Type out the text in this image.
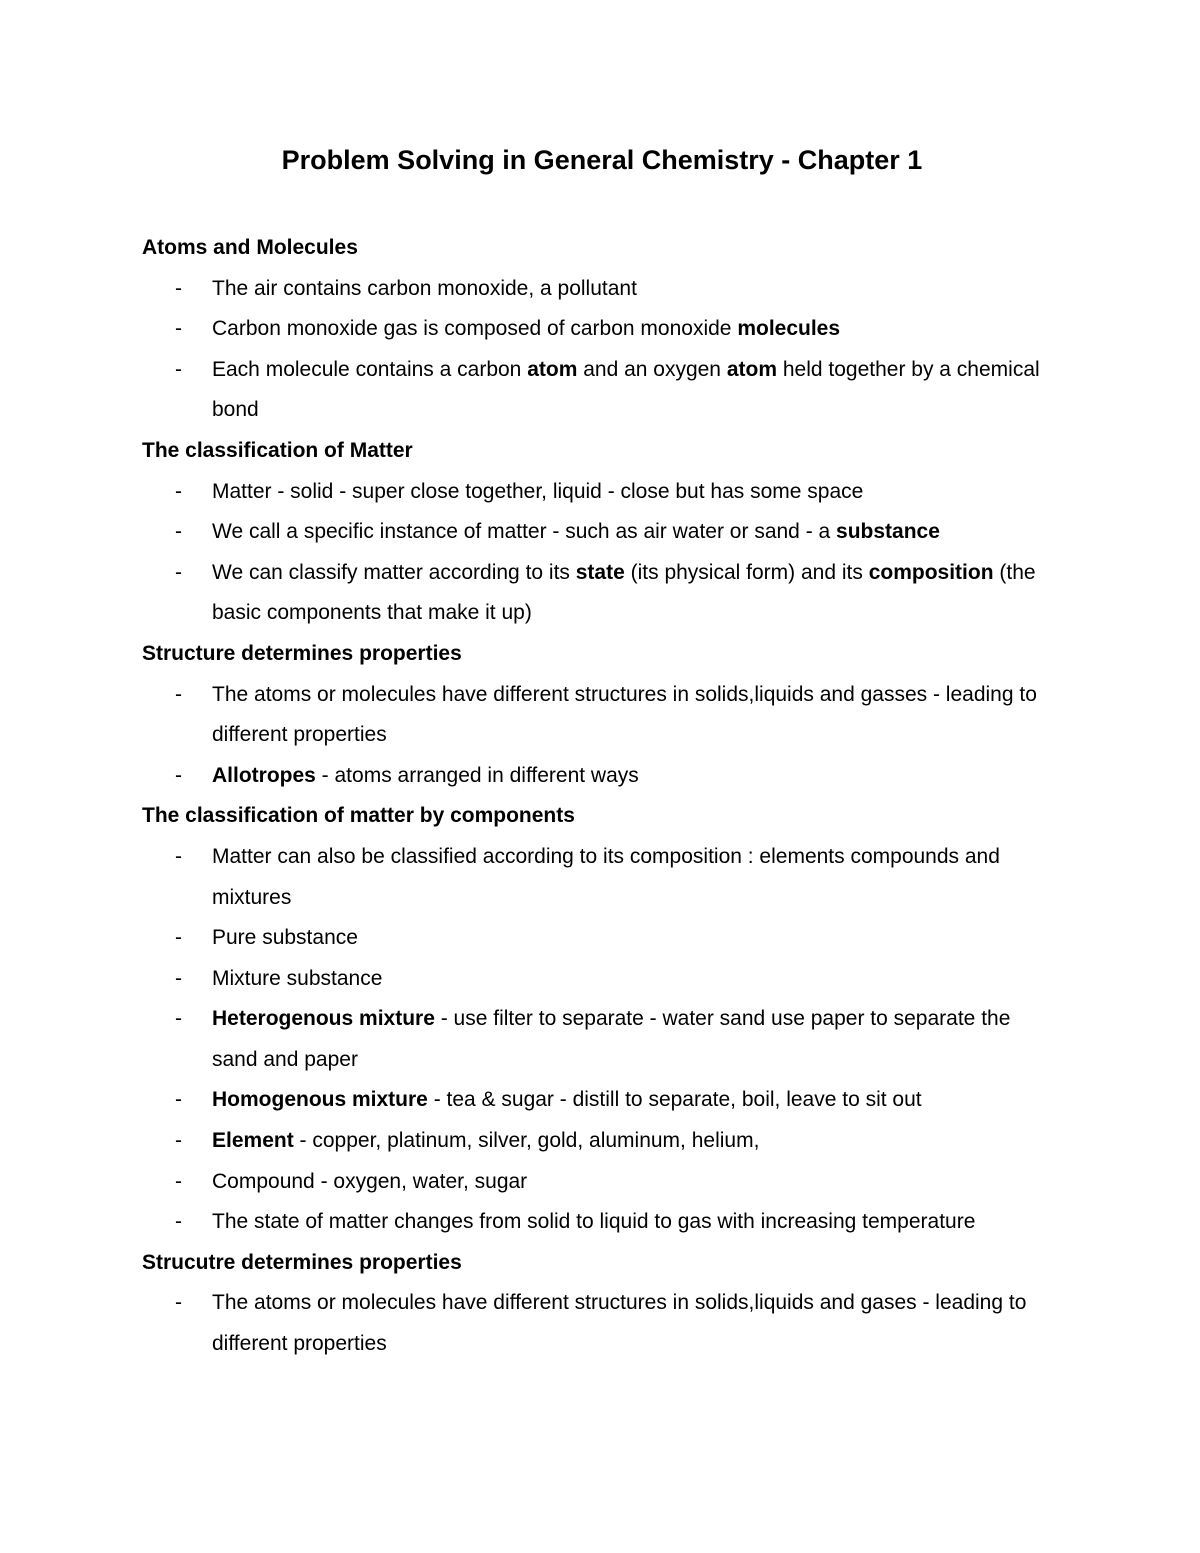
Problem Solving in General Chemistry - Chapter 1
Atoms and Molecules
- The air contains carbon monoxide, a pollutant
- Carbon monoxide gas is composed of carbon monoxide molecules
- Each molecule contains a carbon atom and an oxygen atom held together by a chemical bond
The classification of Matter
- Matter - solid - super close together, liquid - close but has some space
- We call a specific instance of matter - such as air water or sand - a substance
- We can classify matter according to its state (its physical form) and its composition (the basic components that make it up)
Structure determines properties
- The atoms or molecules have different structures in solids,liquids and gasses - leading to different properties
- Allotropes - atoms arranged in different ways
The classification of matter by components
- Matter can also be classified according to its composition : elements compounds and mixtures
- Pure substance
- Mixture substance
- Heterogenous mixture - use filter to separate - water sand use paper to separate the sand and paper
- Homogenous mixture - tea & sugar - distill to separate, boil, leave to sit out
- Element - copper, platinum, silver, gold, aluminum, helium,
- Compound - oxygen, water, sugar
- The state of matter changes from solid to liquid to gas with increasing temperature
Strucutre determines properties
- The atoms or molecules have different structures in solids,liquids and gases - leading to different properties
